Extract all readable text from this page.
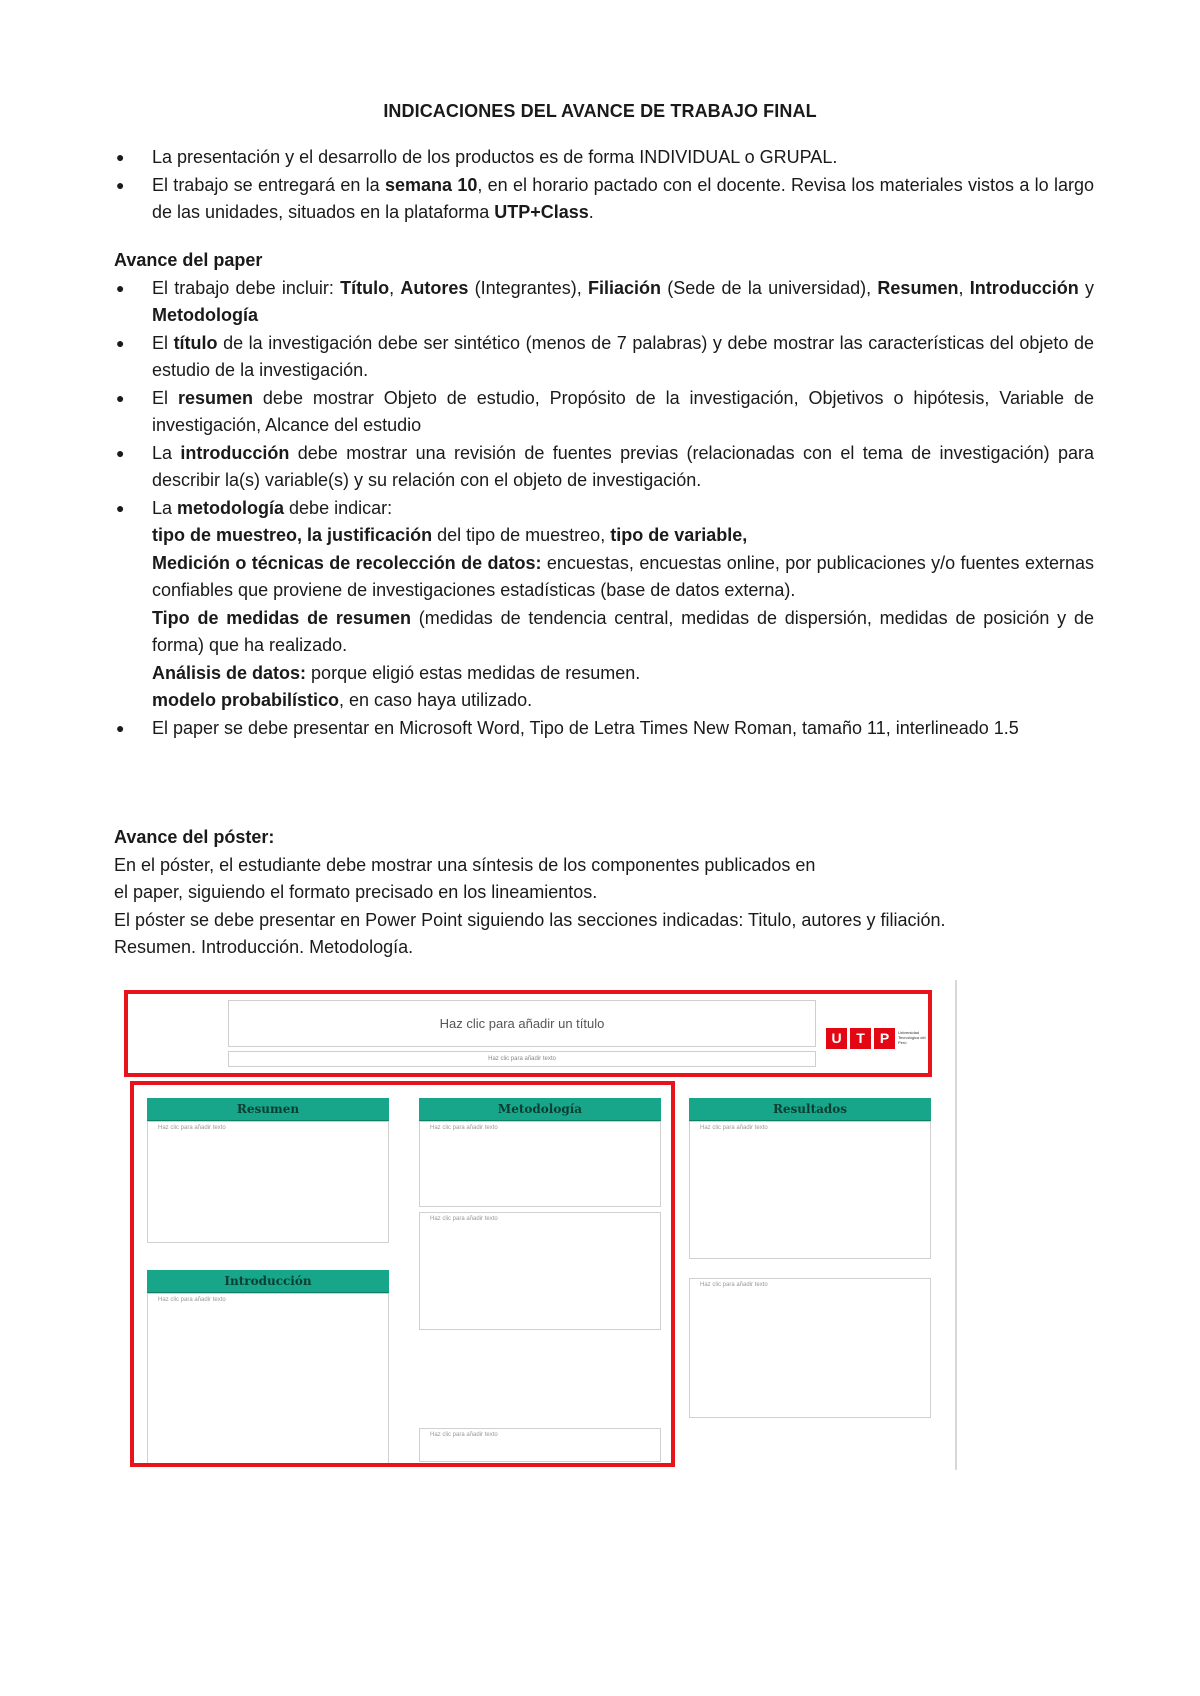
INDICACIONES DEL AVANCE DE TRABAJO FINAL
● La presentación y el desarrollo de los productos es de forma INDIVIDUAL o GRUPAL.
● El trabajo se entregará en la semana 10, en el horario pactado con el docente. Revisa los materiales vistos a lo largo de las unidades, situados en la plataforma UTP+Class.
Avance del paper
● El trabajo debe incluir: Título, Autores (Integrantes), Filiación (Sede de la universidad), Resumen, Introducción y Metodología
● El título de la investigación debe ser sintético (menos de 7 palabras) y debe mostrar las características del objeto de estudio de la investigación.
● El resumen debe mostrar Objeto de estudio, Propósito de la investigación, Objetivos o hipótesis, Variable de investigación, Alcance del estudio
● La introducción debe mostrar una revisión de fuentes previas (relacionadas con el tema de investigación) para describir la(s) variable(s) y su relación con el objeto de investigación.
● La metodología debe indicar:
tipo de muestreo, la justificación del tipo de muestreo, tipo de variable,
Medición o técnicas de recolección de datos: encuestas, encuestas online, por publicaciones y/o fuentes externas confiables que proviene de investigaciones estadísticas (base de datos externa).
Tipo de medidas de resumen (medidas de tendencia central, medidas de dispersión, medidas de posición y de forma) que ha realizado.
Análisis de datos: porque eligió estas medidas de resumen.
modelo probabilístico, en caso haya utilizado.
● El paper se debe presentar en Microsoft Word, Tipo de Letra Times New Roman, tamaño 11, interlineado 1.5
Avance del póster:
En el póster, el estudiante debe mostrar una síntesis de los componentes publicados en
el paper, siguiendo el formato precisado en los lineamientos.
El póster se debe presentar en Power Point siguiendo las secciones indicadas: Titulo, autores y filiación.
Resumen. Introducción. Metodología.
Haz clic para añadir un título
Haz clic para añadir texto
U	T	P	Universidad Tecnológica del Perú
Resumen
Haz clic para añadir texto
Introducción
Haz clic para añadir texto
Metodología
Haz clic para añadir texto
Haz clic para añadir texto
Haz clic para añadir texto
Resultados
Haz clic para añadir texto
Haz clic para añadir texto
